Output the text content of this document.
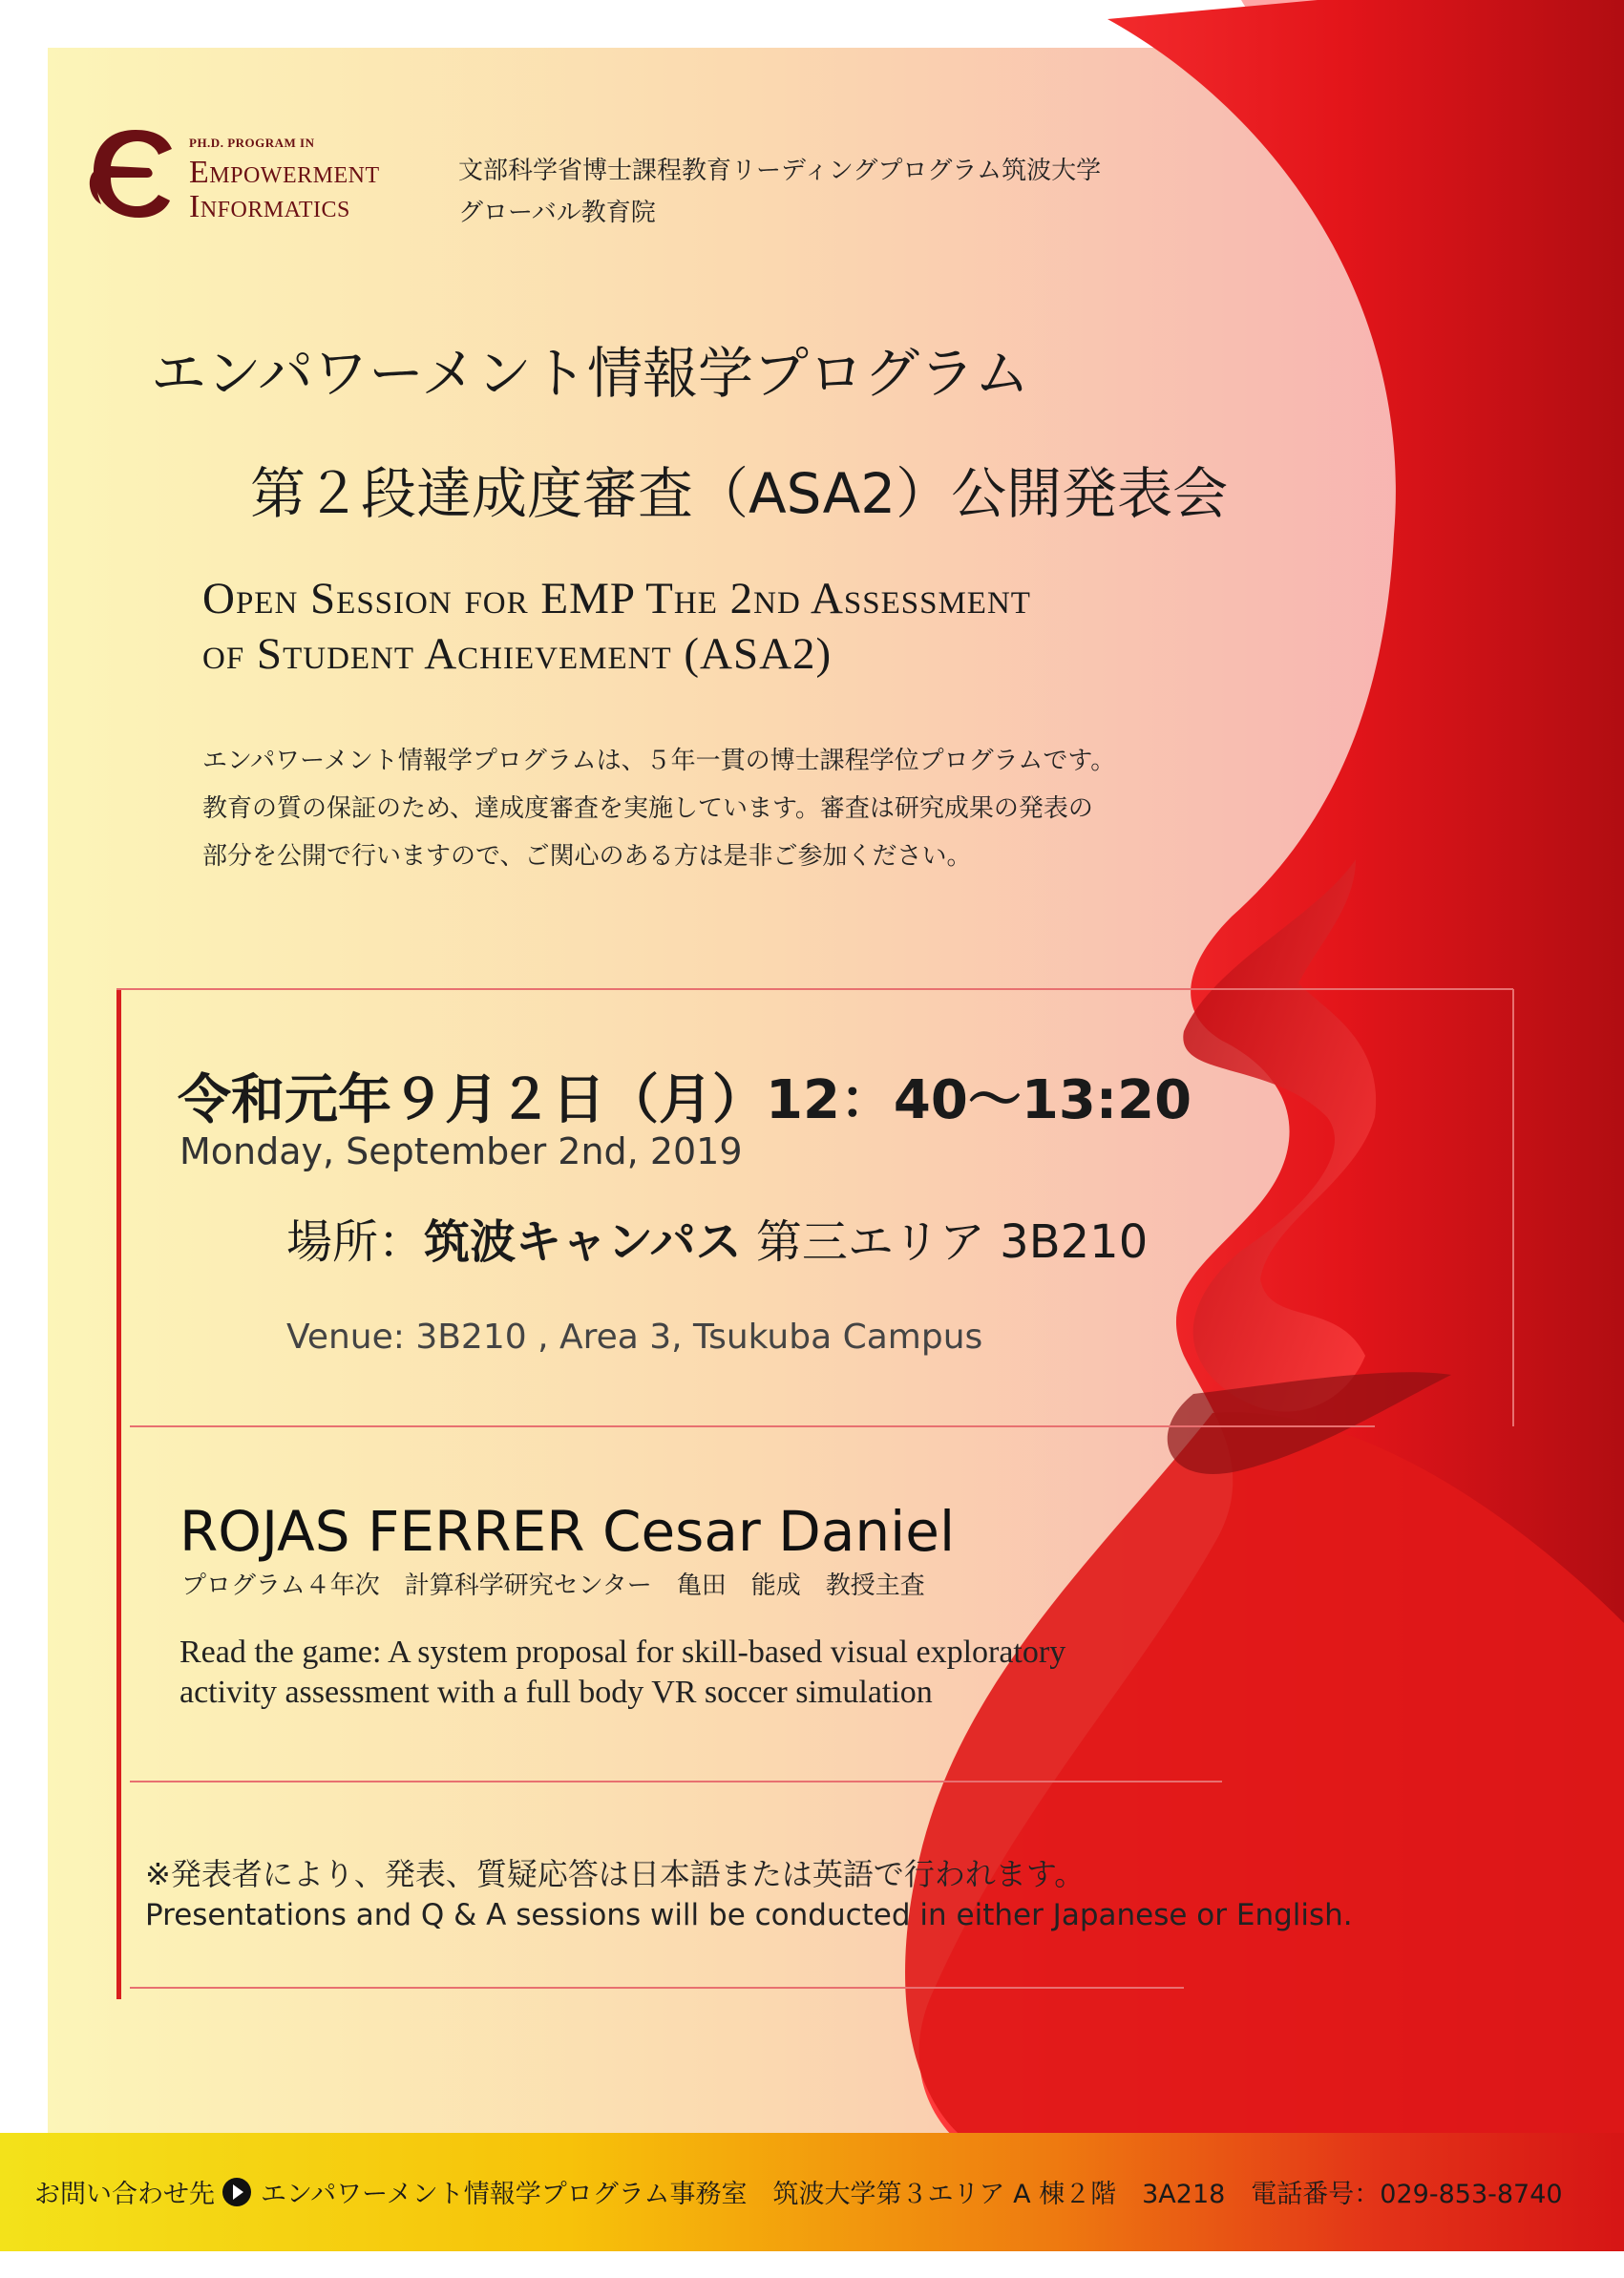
PH.D. PROGRAM IN
Empowerment
Informatics
文部科学省博士課程教育リーディングプログラム筑波大学
グローバル教育院
エンパワーメント情報学プログラム
第２段達成度審査（ASA2）公開発表会
Open Session for EMP The 2nd Assessment
of Student Achievement (ASA2)
エンパワーメント情報学プログラムは、５年一貫の博士課程学位プログラムです。
教育の質の保証のため、達成度審査を実施しています。審査は研究成果の発表の
部分を公開で行いますので、ご関心のある方は是非ご参加ください。
令和元年９月２日（月）12：40～13:20
Monday, September 2nd, 2019
場所：筑波キャンパス 第三エリア 3B210
Venue: 3B210 , Area 3, Tsukuba Campus
ROJAS FERRER Cesar Daniel
プログラム４年次　計算科学研究センター　亀田　能成　教授主査
Read the game: A system proposal for skill-based visual exploratory
activity assessment with a full body VR soccer simulation
※発表者により、発表、質疑応答は日本語または英語で行われます。
Presentations and Q & A sessions will be conducted in either Japanese or English.
お問い合わせ先 エンパワーメント情報学プログラム事務室　筑波大学第３エリア A 棟２階　3A218　電話番号：029-853-8740
